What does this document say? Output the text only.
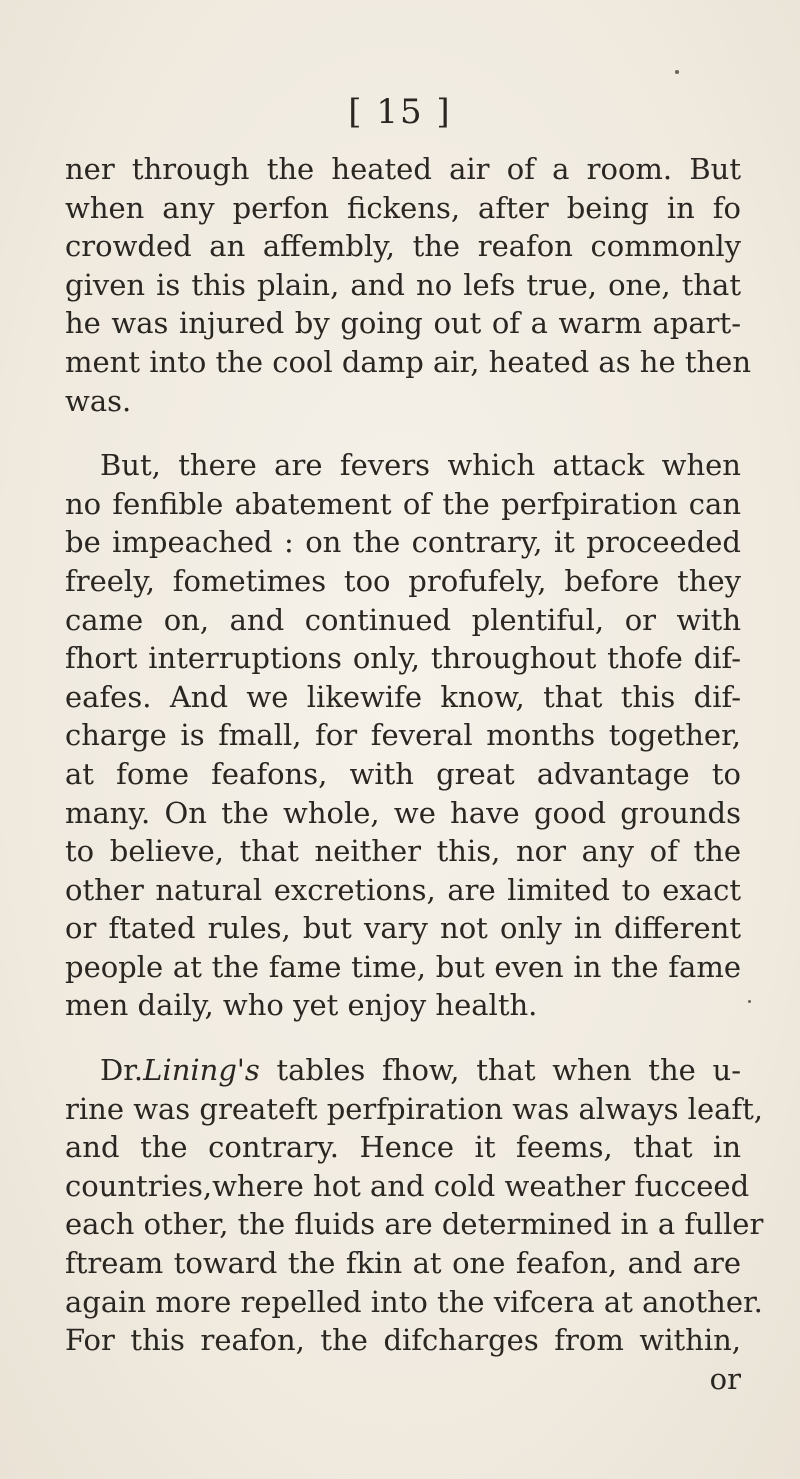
[ 15 ]
ner through the heated air of a room. But
when any perfon fickens, after being in fo
crowded an affembly, the reafon commonly
given is this plain, and no lefs true, one, that
he was injured by going out of a warm apart-
ment into the cool damp air, heated as he then
was.
But, there are fevers which attack when
no fenfible abatement of the perfpiration can
be impeached : on the contrary, it proceeded
freely, fometimes too profufely, before they
came on, and continued plentiful, or with
fhort interruptions only, throughout thofe dif-
eafes. And we likewife know, that this dif-
charge is fmall, for feveral months together,
at fome feafons, with great advantage to
many. On the whole, we have good grounds
to believe, that neither this, nor any of the
other natural excretions, are limited to exact
or ftated rules, but vary not only in different
people at the fame time, but even in the fame
men daily, who yet enjoy health.
Dr.Lining's tables fhow, that when the u-
rine was greateft perfpiration was always leaft,
and the contrary. Hence it feems, that in
countries,where hot and cold weather fucceed
each other, the fluids are determined in a fuller
ftream toward the fkin at one feafon, and are
again more repelled into the vifcera at another.
For this reafon, the difcharges from within,
or
